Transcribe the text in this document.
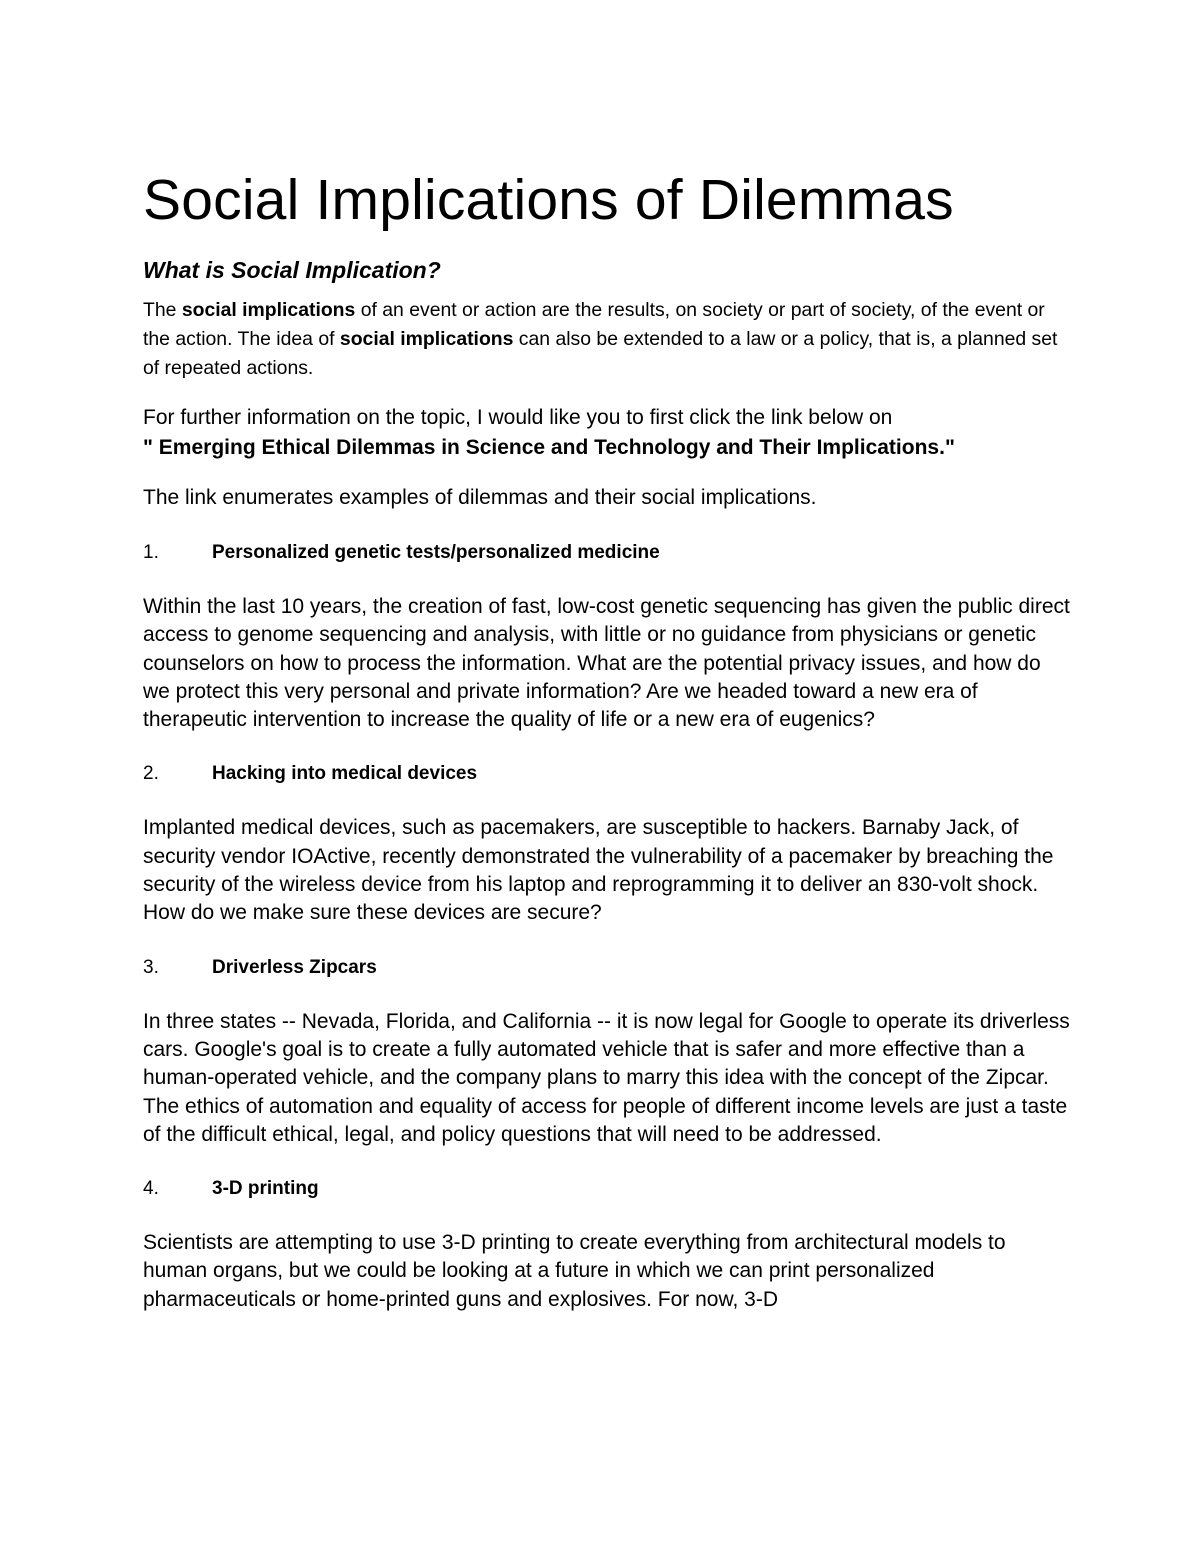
Social Implications of Dilemmas
What is Social Implication?

The social implications of an event or action are the results, on society or part of society, of the event or the action. The idea of social implications can also be extended to a law or a policy, that is, a planned set of repeated actions.

For further information on the topic, I would like you to first click the link below on
" Emerging Ethical Dilemmas in Science and Technology and Their Implications."

The link enumerates examples of dilemmas and their social implications.

1.	Personalized genetic tests/personalized medicine

Within the last 10 years, the creation of fast, low-cost genetic sequencing has given the public direct access to genome sequencing and analysis, with little or no guidance from physicians or genetic counselors on how to process the information. What are the potential privacy issues, and how do we protect this very personal and private information? Are we headed toward a new era of therapeutic intervention to increase the quality of life or a new era of eugenics?

2.	Hacking into medical devices

Implanted medical devices, such as pacemakers, are susceptible to hackers. Barnaby Jack, of security vendor IOActive, recently demonstrated the vulnerability of a pacemaker by breaching the security of the wireless device from his laptop and reprogramming it to deliver an 830-volt shock. How do we make sure these devices are secure?

3.	Driverless Zipcars

In three states -- Nevada, Florida, and California -- it is now legal for Google to operate its driverless cars. Google's goal is to create a fully automated vehicle that is safer and more effective than a human-operated vehicle, and the company plans to marry this idea with the concept of the Zipcar. The ethics of automation and equality of access for people of different income levels are just a taste of the difficult ethical, legal, and policy questions that will need to be addressed.

4.	3-D printing

Scientists are attempting to use 3-D printing to create everything from architectural models to human organs, but we could be looking at a future in which we can print personalized pharmaceuticals or home-printed guns and explosives. For now, 3-D
